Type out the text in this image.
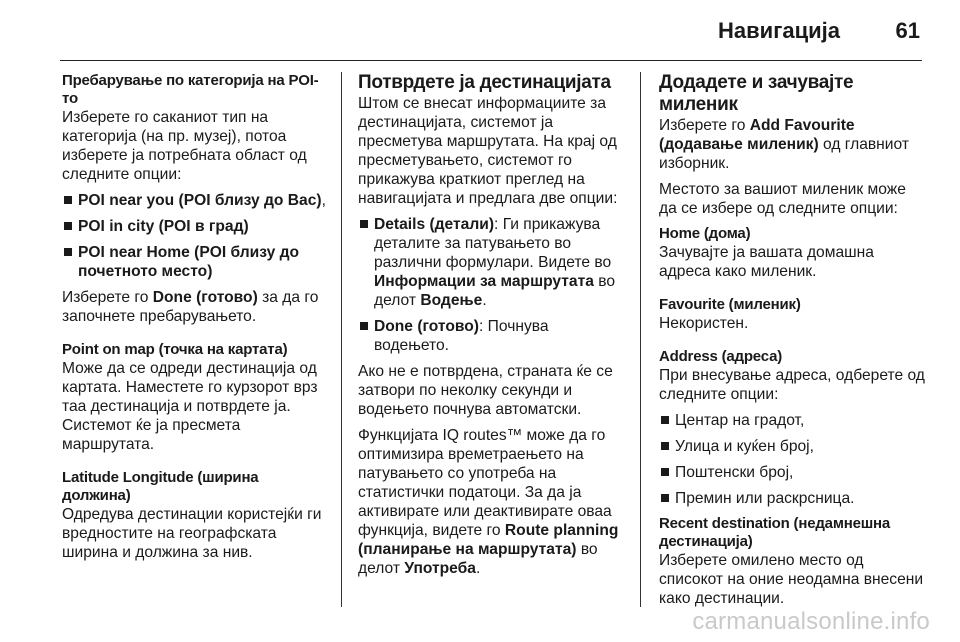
Навигација	61
Пребарување по категорија на POI-то

Изберете го саканиот тип на категорија (на пр. музеј), потоа изберете ја потребната област од следните опции:

POI near you (POI близу до Вас),
POI in city (POI в град)
POI near Home (POI близу до почетното место)

Изберете го Done (готово) за да го започнете пребарувањето.

Point on map (точка на картата)

Може да се одреди дестинација од картата. Наместете го курзорот врз таа дестинација и потврдете ја. Системот ќе ја пресмета маршрутата.

Latitude Longitude (ширина должина)

Одредува дестинации користејќи ги вредностите на географската ширина и должина за нив.

Потврдете ја дестинацијата

Штом се внесат информациите за дестинацијата, системот ја пресметува маршрутата. На крај од пресметувањето, системот го прикажува краткиот преглед на навигацијата и предлага две опции:

Details (детали): Ги прикажува деталите за патувањето во различни формулари. Видете во Информации за маршрутата во делот Водење.
Done (готово): Почнува водењето.

Ако не е потврдена, страната ќе се затвори по неколку секунди и водењето почнува автоматски.

Функцијата IQ routes™ може да го оптимизира времетраењето на патувањето со употреба на статистички податоци. За да ја активирате или деактивирате оваа функција, видете го Route planning (планирање на маршрутата) во делот Употреба.

Додадете и зачувајте миленик

Изберете го Add Favourite (додавање миленик) од главниот изборник.

Местото за вашиот миленик може да се избере од следните опции:

Home (дома)

Зачувајте ја вашата домашна адреса како миленик.

Favourite (миленик)

Некористен.

Address (адреса)

При внесување адреса, одберете од следните опции:

Центар на градот,
Улица и куќен број,
Поштенски број,
Премин или раскрсница.
Recent destination (недамнешна дестинација)

Изберете омилено место од списокот на оние неодамна внесени како дестинации.

carmanualsonline.info
